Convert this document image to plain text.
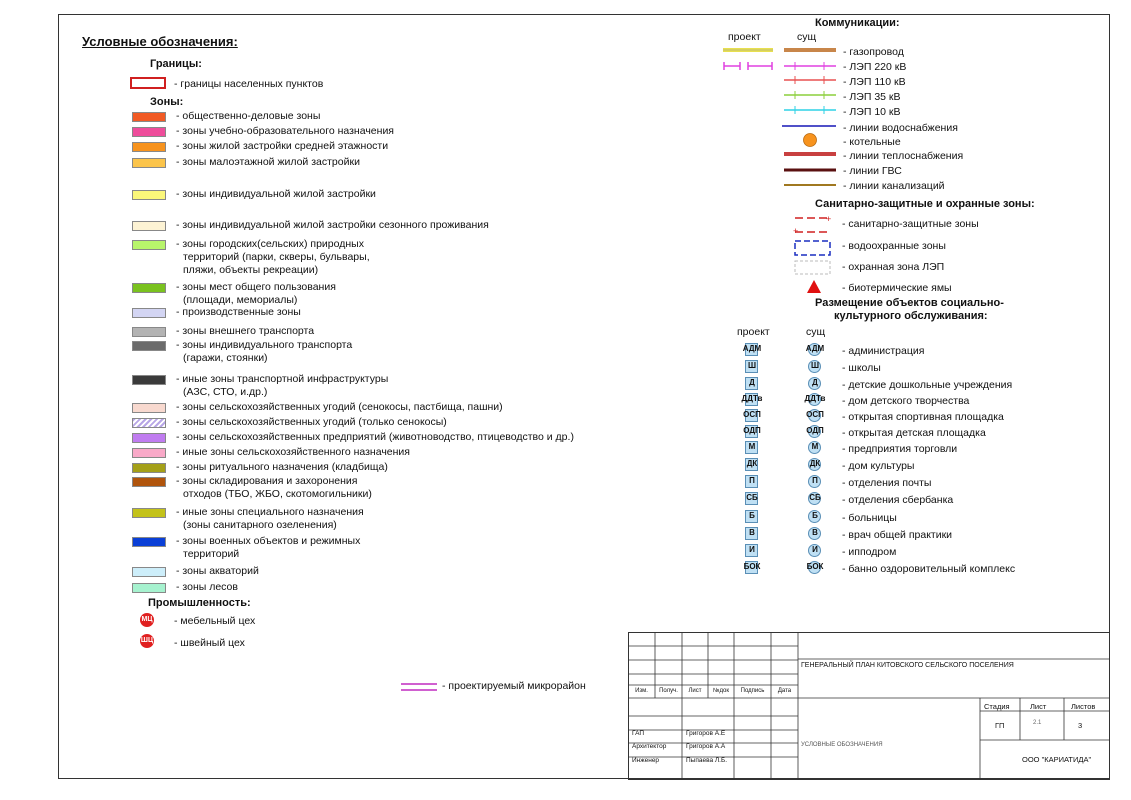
Условные обозначения:
Границы:
- границы населенных пунктов
Зоны:
- общественно-деловые зоны
- зоны учебно-образовательного назначения
- зоны жилой застройки средней этажности
- зоны малоэтажной жилой застройки
- зоны индивидуальной жилой застройки
- зоны индивидуальной жилой застройки сезонного проживания
- зоны городских(сельских) природных
территорий (парки, скверы, бульвары,
пляжи, объекты рекреации)
- зоны мест общего пользования
(площади, мемориалы)
- производственные зоны
- зоны внешнего транспорта
- зоны индивидуального транспорта
(гаражи, стоянки)
- иные зоны транспортной инфраструктуры
(АЗС, СТО, и.др.)
- зоны сельскохозяйственных угодий (сенокосы, пастбища, пашни)
- зоны сельскохозяйственных угодий (только сенокосы)
- зоны сельскохозяйственных предприятий (животноводство, птицеводство и др.)
- иные зоны сельскохозяйственного назначения
- зоны ритуального назначения (кладбища)
- зоны складирования и захоронения
отходов (ТБО, ЖБО, скотомогильники)
- иные зоны специального назначения
(зоны санитарного озеленения)
- зоны военных объектов и режимных
территорий
- зоны акваторий
- зоны лесов
Промышленность:
МЦ - мебельный цех
ШЦ - швейный цех
- проектируемый микрорайон
Коммуникации:
проект	сущ
- газопровод
- ЛЭП 220 кВ
- ЛЭП 110 кВ
- ЛЭП 35 кВ
- ЛЭП 10 кВ
- линии водоснабжения
- котельные
- линии теплоснабжения
- линии ГВС
- линии канализаций
Санитарно-защитные и охранные зоны:
+
+
- санитарно-защитные зоны
- водоохранные зоны
- охранная зона ЛЭП
- биотермические ямы
Размещение объектов социально-
культурного обслуживания:
проект	сущ
АДМ	АДМ - администрация
Ш	Ш	- школы
Д	Д	- детские дошкольные учреждения
ДДТв	ДДТв - дом детского творчества
ОСП	ОСП - открытая спортивная площадка
ОДП	ОДП	- открытая детская площадка
М	М	- предприятия торговли
ДК	ДК	- дом культуры
П	П	- отделения почты
СБ	СБ	- отделения сбербанка
Б	Б	- больницы
В	В	- врач общей практики
И	И	- ипподром
БОК	БОК	- банно оздоровительный комплекс
Изм.	Получ.	Лист	№док	Подпись	Дата
ГЕНЕРАЛЬНЫЙ ПЛАН КИТОВСКОГО СЕЛЬСКОГО ПОСЕЛЕНИЯ
Стадия	Лист	Листов
ГП	2.1	3
УСЛОВНЫЕ ОБОЗНАЧЕНИЯ
ООО "КАРИАТИДА"
ГАП	Григоров А.Е
Архитектор	Григоров А.А
Инженер	Пыпаева Л.Б.
